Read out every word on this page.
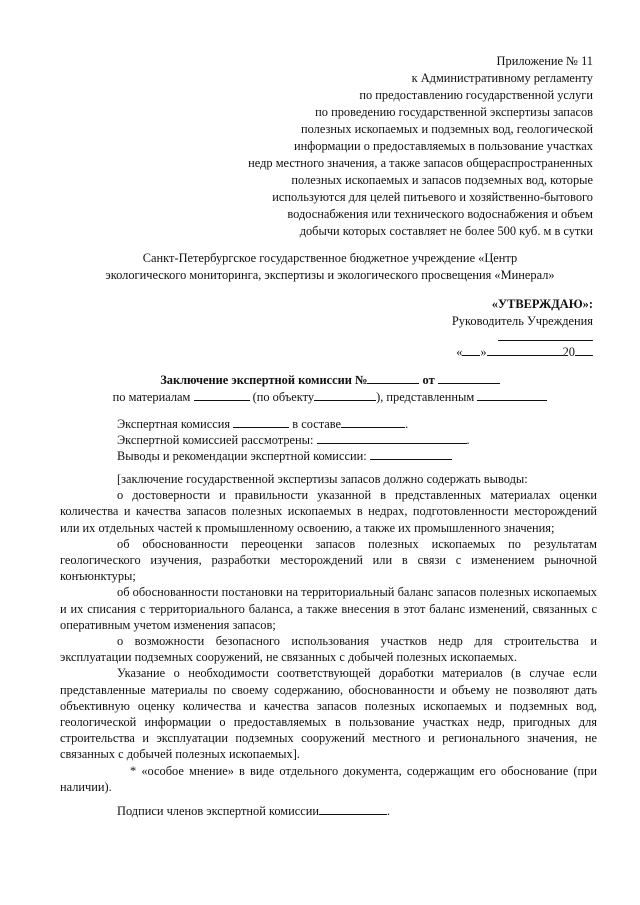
Приложение № 11
к Административному регламенту
по предоставлению государственной услуги
по проведению государственной экспертизы запасов
полезных ископаемых и подземных вод, геологической
информации о предоставляемых в пользование участках
недр местного значения, а также запасов общераспространенных
полезных ископаемых и запасов подземных вод, которые
используются для целей питьевого и хозяйственно-бытового
водоснабжения или технического водоснабжения и объем
добычи которых составляет не более 500 куб. м в сутки
Санкт-Петербургское государственное бюджетное учреждение «Центр
экологического мониторинга, экспертизы и экологического просвещения «Минерал»
«УТВЕРЖДАЮ»:
Руководитель Учреждения
« »	20
Заключение экспертной комиссии №	от
по материалам	(по объекту	), представленным
Экспертная комиссия	в составе	.
Экспертной комиссией рассмотрены:	.
Выводы и рекомендации экспертной комиссии:

[заключение государственной экспертизы запасов должно содержать выводы:

о достоверности и правильности указанной в представленных материалах оценки количества и качества запасов полезных ископаемых в недрах, подготовленности месторождений или их отдельных частей к промышленному освоению, а также их промышленного значения;

об обоснованности переоценки запасов полезных ископаемых по результатам геологического изучения, разработки месторождений или в связи с изменением рыночной конъюнктуры;

об обоснованности постановки на территориальный баланс запасов полезных ископаемых и их списания с территориального баланса, а также внесения в этот баланс изменений, связанных с оперативным учетом изменения запасов;

о возможности безопасного использования участков недр для строительства и эксплуатации подземных сооружений, не связанных с добычей полезных ископаемых.

Указание о необходимости соответствующей доработки материалов (в случае если представленные материалы по своему содержанию, обоснованности и объему не позволяют дать объективную оценку количества и качества запасов полезных ископаемых и подземных вод, геологической информации о предоставляемых в пользование участках недр, пригодных для строительства и эксплуатации подземных сооружений местного и регионального значения, не связанных с добычей полезных ископаемых].

* «особое мнение» в виде отдельного документа, содержащим его обоснование (при наличии).

Подписи членов экспертной комиссии	.
